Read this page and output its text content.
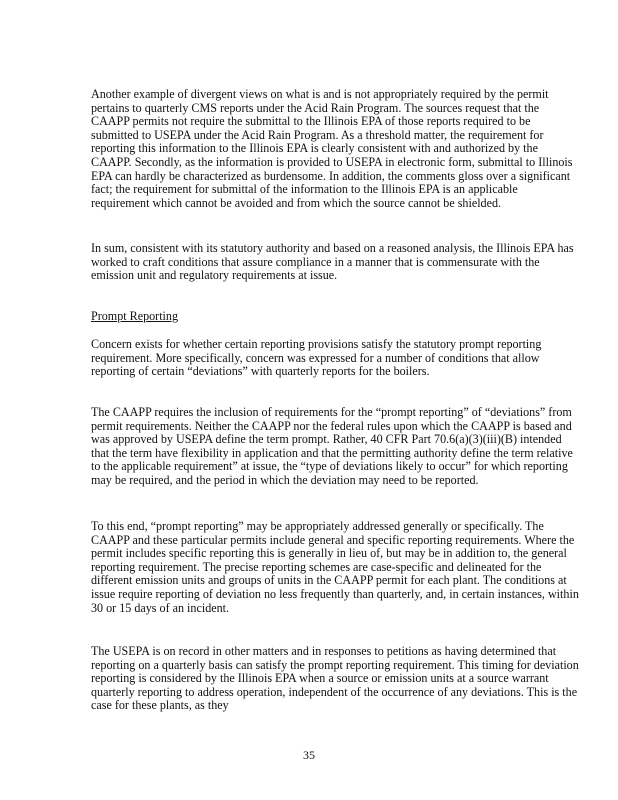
Another example of divergent views on what is and is not appropriately required by the permit pertains to quarterly CMS reports under the Acid Rain Program. The sources request that the CAAPP permits not require the submittal to the Illinois EPA of those reports required to be submitted to USEPA under the Acid Rain Program. As a threshold matter, the requirement for reporting this information to the Illinois EPA is clearly consistent with and authorized by the CAAPP. Secondly, as the information is provided to USEPA in electronic form, submittal to Illinois EPA can hardly be characterized as burdensome. In addition, the comments gloss over a significant fact; the requirement for submittal of the information to the Illinois EPA is an applicable requirement which cannot be avoided and from which the source cannot be shielded.

In sum, consistent with its statutory authority and based on a reasoned analysis, the Illinois EPA has worked to craft conditions that assure compliance in a manner that is commensurate with the emission unit and regulatory requirements at issue.

Prompt Reporting

Concern exists for whether certain reporting provisions satisfy the statutory prompt reporting requirement. More specifically, concern was expressed for a number of conditions that allow reporting of certain “deviations” with quarterly reports for the boilers.

The CAAPP requires the inclusion of requirements for the “prompt reporting” of “deviations” from permit requirements. Neither the CAAPP nor the federal rules upon which the CAAPP is based and was approved by USEPA define the term prompt. Rather, 40 CFR Part 70.6(a)(3)(iii)(B) intended that the term have flexibility in application and that the permitting authority define the term relative to the applicable requirement” at issue, the “type of deviations likely to occur” for which reporting may be required, and the period in which the deviation may need to be reported.

To this end, “prompt reporting” may be appropriately addressed generally or specifically. The CAAPP and these particular permits include general and specific reporting requirements. Where the permit includes specific reporting this is generally in lieu of, but may be in addition to, the general reporting requirement. The precise reporting schemes are case-specific and delineated for the different emission units and groups of units in the CAAPP permit for each plant. The conditions at issue require reporting of deviation no less frequently than quarterly, and, in certain instances, within 30 or 15 days of an incident.

The USEPA is on record in other matters and in responses to petitions as having determined that reporting on a quarterly basis can satisfy the prompt reporting requirement. This timing for deviation reporting is considered by the Illinois EPA when a source or emission units at a source warrant quarterly reporting to address operation, independent of the occurrence of any deviations. This is the case for these plants, as they

35
